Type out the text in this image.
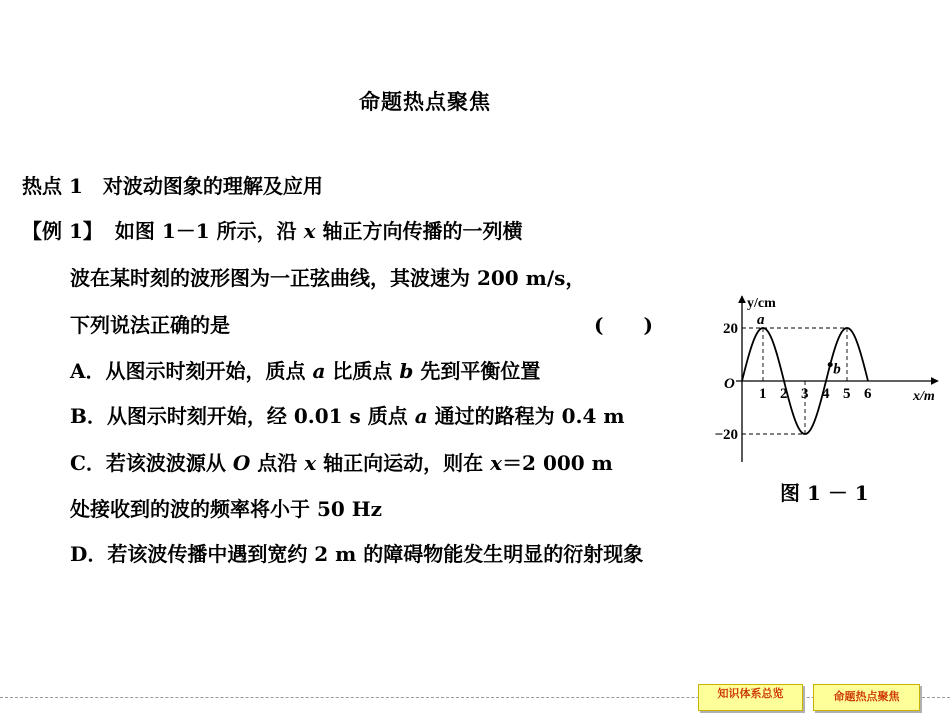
命题热点聚焦
热点 1　对波动图象的理解及应用
【例 1】 如图 1－1 所示，沿 x 轴正方向传播的一列横
波在某时刻的波形图为一正弦曲线，其波速为 200 m/s，
下列说法正确的是	(　　)
A．从图示时刻开始，质点 a 比质点 b 先到平衡位置
B．从图示时刻开始，经 0.01 s 质点 a 通过的路程为 0.4 m
C．若该波波源从 O 点沿 x 轴正向运动，则在 x＝2 000 m
处接收到的波的频率将小于 50 Hz
D．若该波传播中遇到宽约 2 m 的障碍物能发生明显的衍射现象
1 2 3 4 5 6
y/cm
x/m
O
20
−20
a
b
图 1 － 1
知识体系总览	命题热点聚焦
